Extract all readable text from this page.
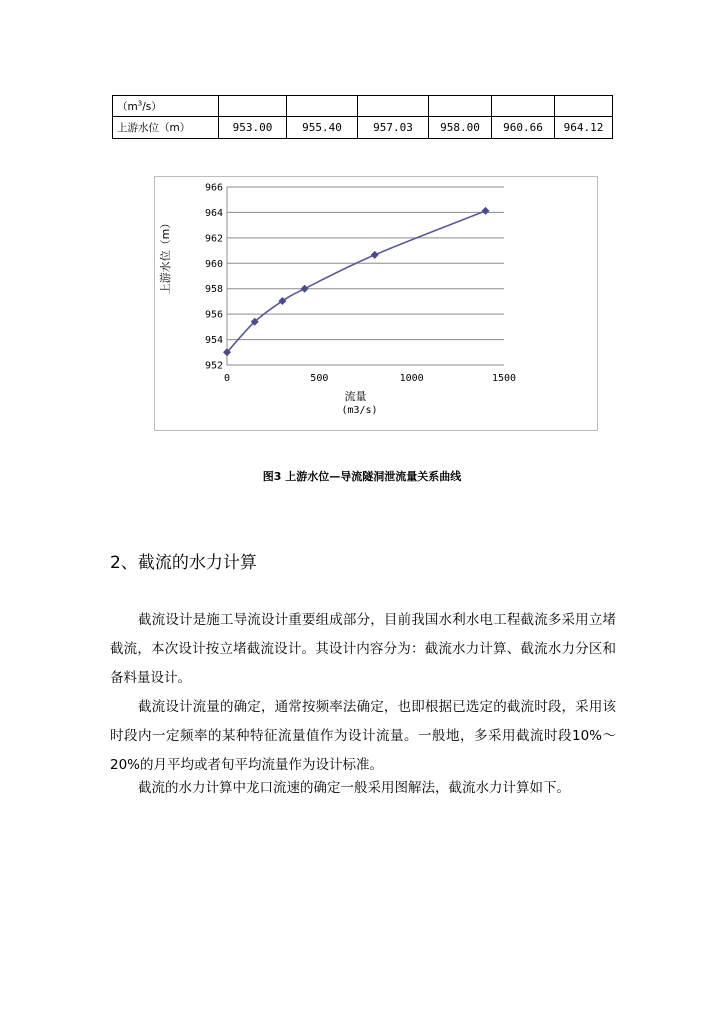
$(m^3/s)$						
上游水位（m）	953.00	955.40	957.03	958.00	960.66	964.12
952
954
956
958
960
962
964
966
0	500	1000	1500
流量
(m3/s)
上游水位（m）
图3 上游水位—导流隧洞泄流量关系曲线
2、截流的水力计算

截流设计是施工导流设计重要组成部分，目前我国水利水电工程截流多采用立堵截流，本次设计按立堵截流设计。其设计内容分为：截流水力计算、截流水力分区和备料量设计。

截流设计流量的确定，通常按频率法确定，也即根据已选定的截流时段，采用该时段内一定频率的某种特征流量值作为设计流量。一般地，多采用截流时段10%～20%的月平均或者旬平均流量作为设计标准。

截流的水力计算中龙口流速的确定一般采用图解法，截流水力计算如下。
